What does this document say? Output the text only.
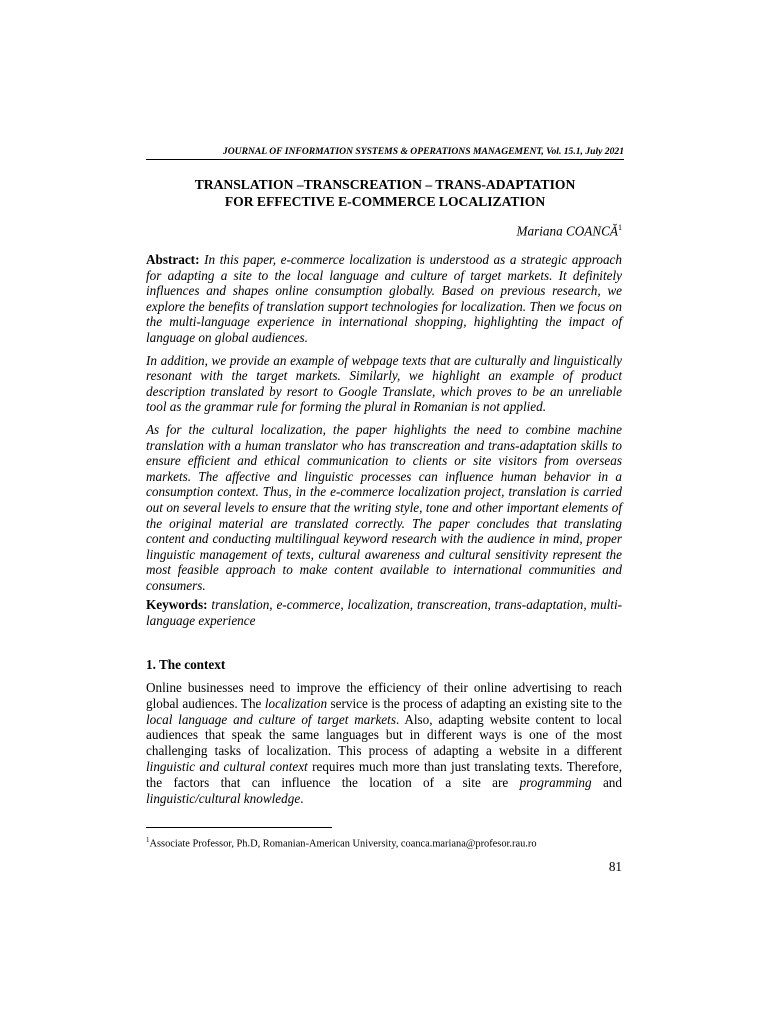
JOURNAL OF INFORMATION SYSTEMS & OPERATIONS MANAGEMENT, Vol. 15.1, July 2021
TRANSLATION –TRANSCREATION – TRANS-ADAPTATION
FOR EFFECTIVE E-COMMERCE LOCALIZATION
Mariana COANCĂ$^1$

Abstract: In this paper, e-commerce localization is understood as a strategic approach for adapting a site to the local language and culture of target markets. It definitely influences and shapes online consumption globally. Based on previous research, we explore the benefits of translation support technologies for localization. Then we focus on the multi-language experience in international shopping, highlighting the impact of language on global audiences.

In addition, we provide an example of webpage texts that are culturally and linguistically resonant with the target markets. Similarly, we highlight an example of product description translated by resort to Google Translate, which proves to be an unreliable tool as the grammar rule for forming the plural in Romanian is not applied.

As for the cultural localization, the paper highlights the need to combine machine translation with a human translator who has transcreation and trans-adaptation skills to ensure efficient and ethical communication to clients or site visitors from overseas markets. The affective and linguistic processes can influence human behavior in a consumption context. Thus, in the e-commerce localization project, translation is carried out on several levels to ensure that the writing style, tone and other important elements of the original material are translated correctly. The paper concludes that translating content and conducting multilingual keyword research with the audience in mind, proper linguistic management of texts, cultural awareness and cultural sensitivity represent the most feasible approach to make content available to international communities and consumers.

Keywords: translation, e-commerce, localization, transcreation, trans-adaptation, multi-language experience
1. The context
Online businesses need to improve the efficiency of their online advertising to reach global audiences. The localization service is the process of adapting an existing site to the local language and culture of target markets. Also, adapting website content to local audiences that speak the same languages but in different ways is one of the most challenging tasks of localization. This process of adapting a website in a different linguistic and cultural context requires much more than just translating texts. Therefore, the factors that can influence the location of a site are programming and linguistic/cultural knowledge.
$^1$Associate Professor, Ph.D, Romanian-American University, coanca.mariana@profesor.rau.ro
81
